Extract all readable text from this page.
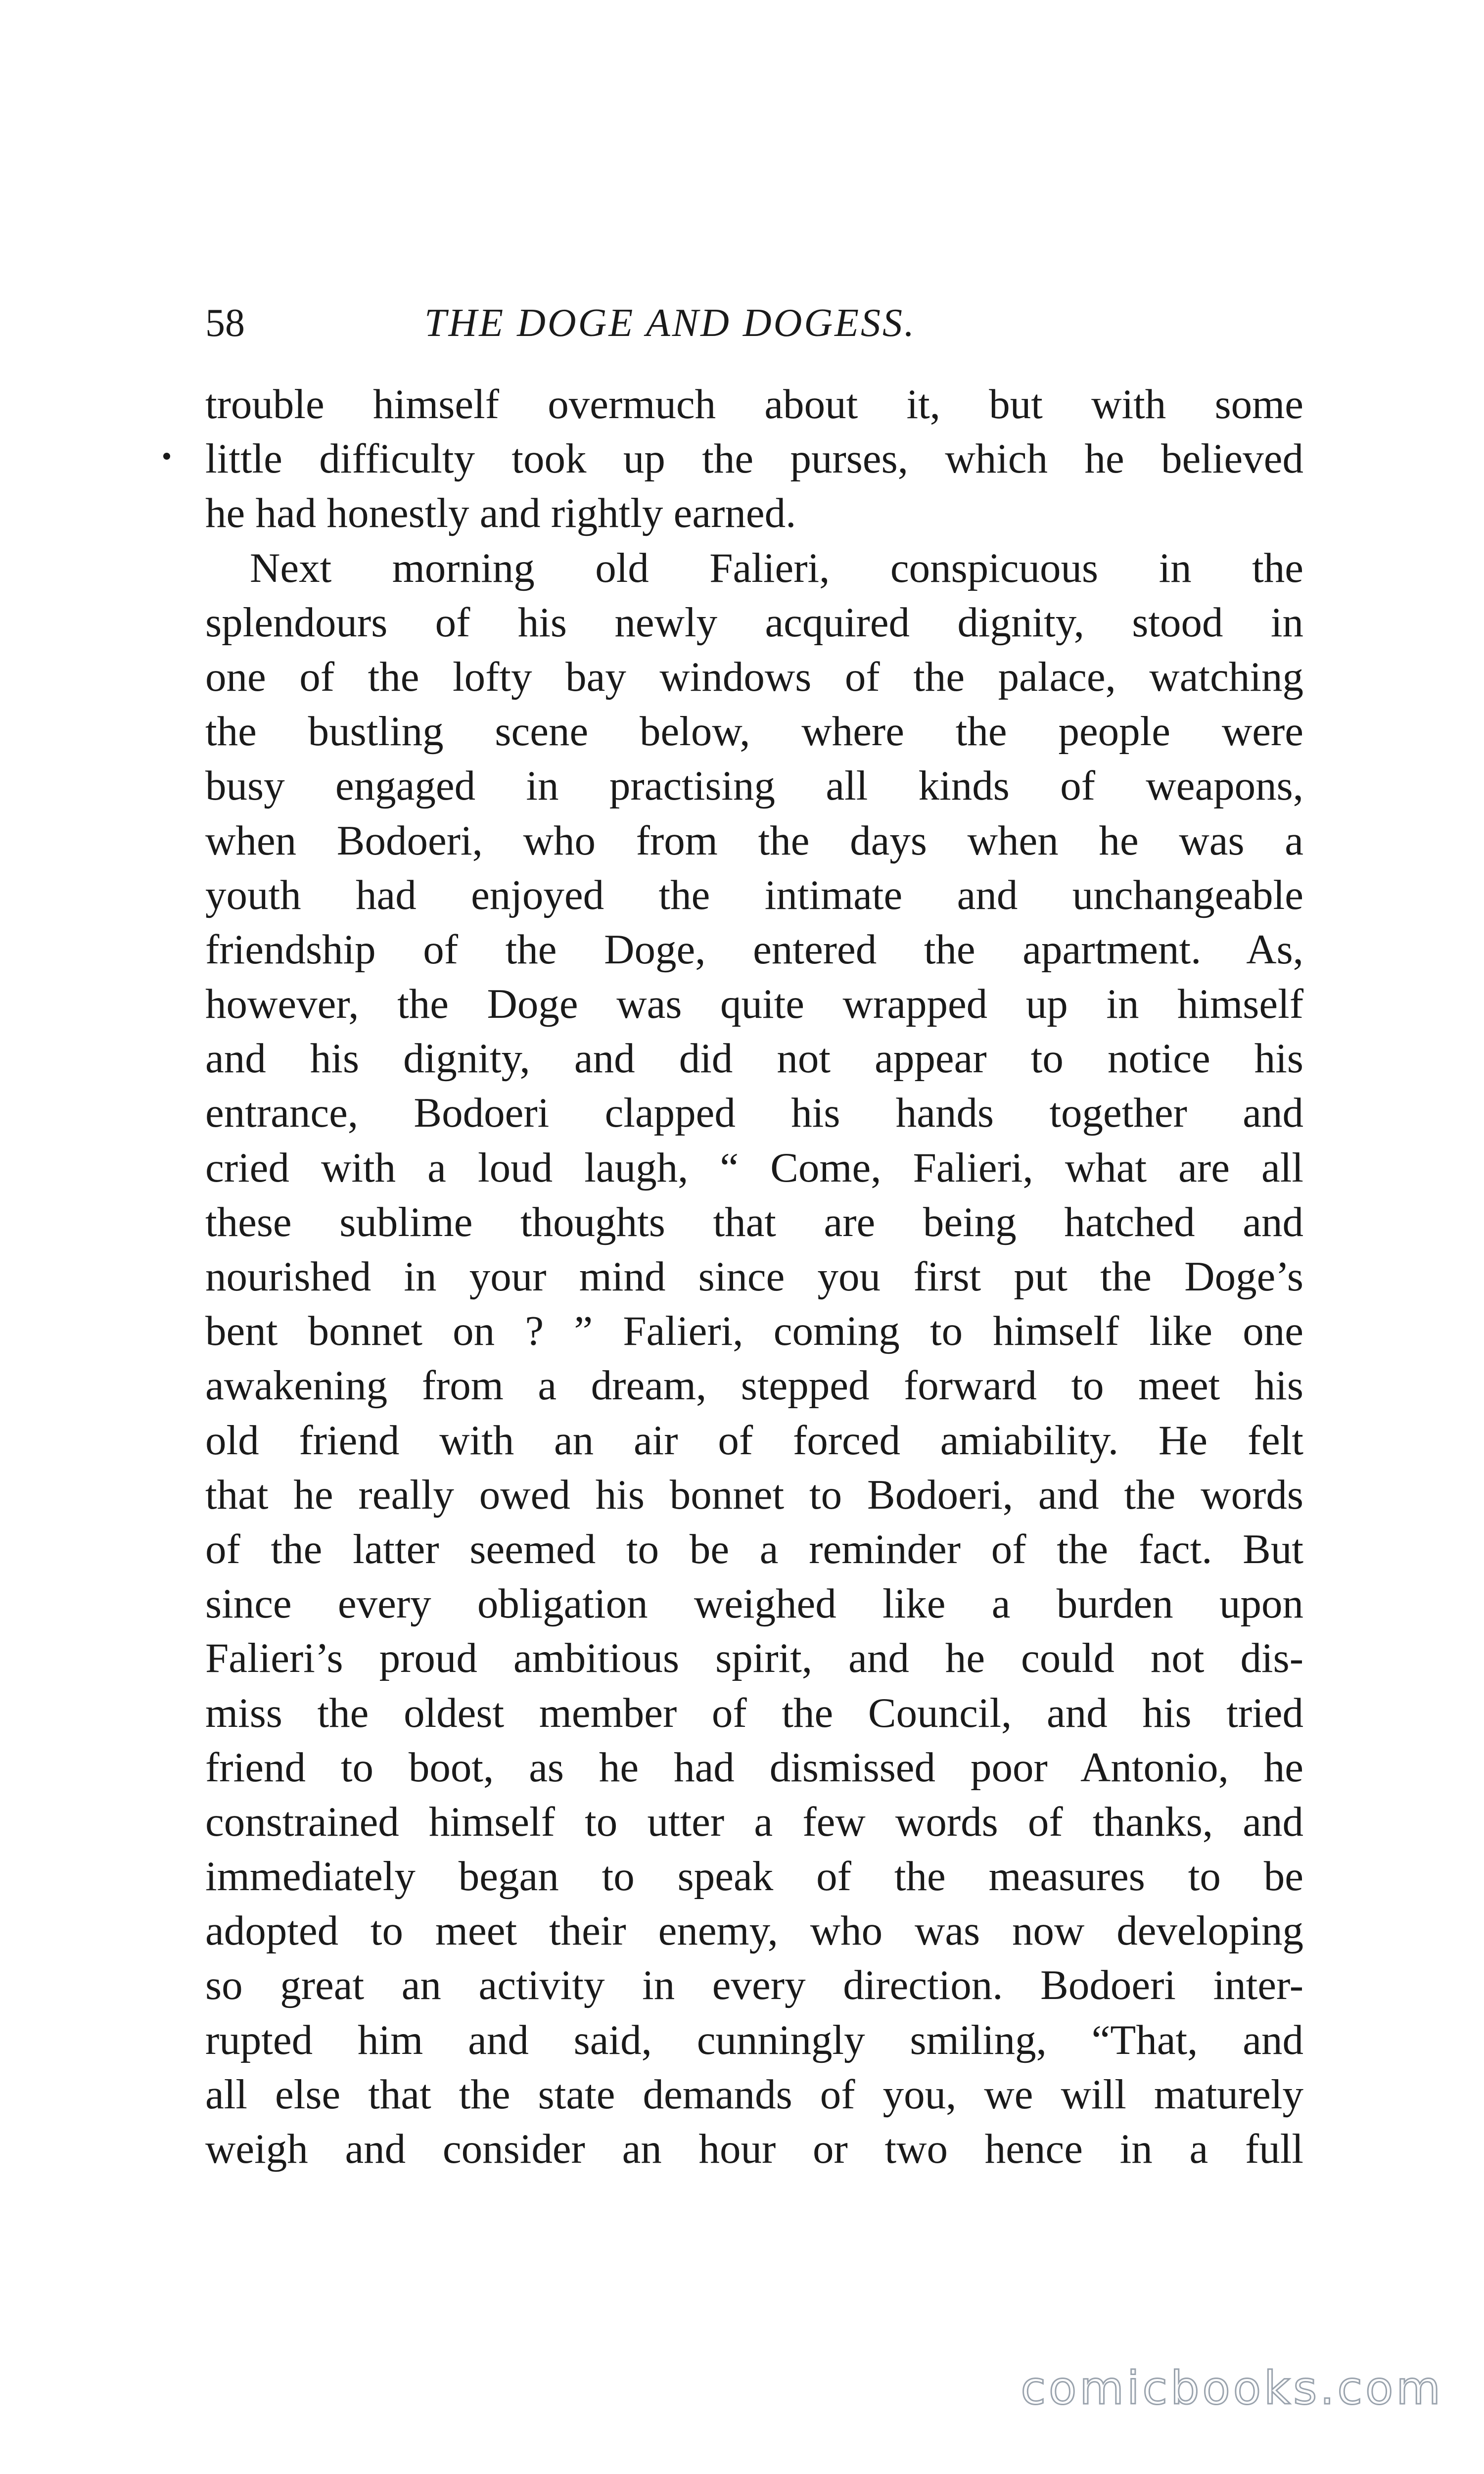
58	THE DOGE AND DOGESS.
trouble himself overmuch about it, but with some
little difficulty took up the purses, which he believed
he had honestly and rightly earned.
Next morning old Falieri, conspicuous in the
splendours of his newly acquired dignity, stood in
one of the lofty bay windows of the palace, watching
the bustling scene below, where the people were
busy engaged in practising all kinds of weapons,
when Bodoeri, who from the days when he was a
youth had enjoyed the intimate and unchangeable
friendship of the Doge, entered the apartment. As,
however, the Doge was quite wrapped up in himself
and his dignity, and did not appear to notice his
entrance, Bodoeri clapped his hands together and
cried with a loud laugh, “ Come, Falieri, what are all
these sublime thoughts that are being hatched and
nourished in your mind since you first put the Doge’s
bent bonnet on ? ” Falieri, coming to himself like one
awakening from a dream, stepped forward to meet his
old friend with an air of forced amiability. He felt
that he really owed his bonnet to Bodoeri, and the words
of the latter seemed to be a reminder of the fact. But
since every obligation weighed like a burden upon
Falieri’s proud ambitious spirit, and he could not dis-
miss the oldest member of the Council, and his tried
friend to boot, as he had dismissed poor Antonio, he
constrained himself to utter a few words of thanks, and
immediately began to speak of the measures to be
adopted to meet their enemy, who was now developing
so great an activity in every direction. Bodoeri inter-
rupted him and said, cunningly smiling, “That, and
all else that the state demands of you, we will maturely
weigh and consider an hour or two hence in a full
comicbooks.com
